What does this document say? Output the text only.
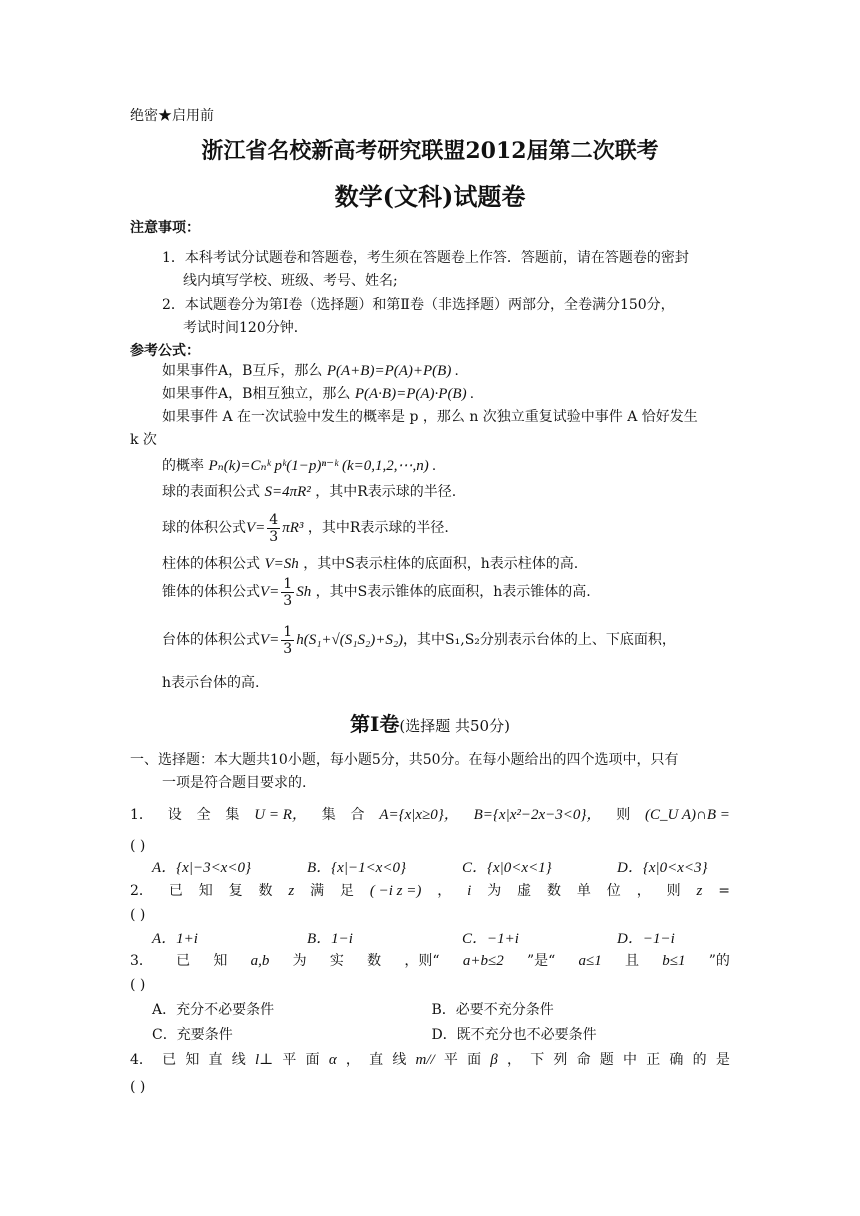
绝密★启用前
浙江省名校新高考研究联盟2012届第二次联考
数学(文科)试题卷
注意事项：
1．本科考试分试题卷和答题卷，考生须在答题卷上作答．答题前，请在答题卷的密封
线内填写学校、班级、考号、姓名;
2．本试题卷分为第Ⅰ卷（选择题）和第Ⅱ卷（非选择题）两部分，全卷满分150分，
考试时间120分钟．
参考公式：
如果事件A，B互斥，那么 P(A+B)=P(A)+P(B) .
如果事件A，B相互独立，那么 P(A·B)=P(A)·P(B) .
如果事件 A 在一次试验中发生的概率是 p ，那么 n 次独立重复试验中事件 A 恰好发生
k 次
的概率 Pₙ(k)=Cₙᵏ pᵏ(1−p)ⁿ⁻ᵏ (k=0,1,2,⋯,n) .
球的表面积公式 S=4πR² ，其中R表示球的半径.
球的体积公式$V= \frac{4}{3} \pi R^3$ ，其中R表示球的半径.
柱体的体积公式 V=Sh ，其中S表示柱体的底面积，h表示柱体的高.
锥体的体积公式$V= \frac{1}{3}$ Sh ，其中S表示锥体的底面积，h表示锥体的高.
台体的体积公式$V= \frac{1}{3} h(S_1+√(S_1S_2)+S_2)$，其中S₁,S₂分别表示台体的上、下底面积，
h表示台体的高.
第Ⅰ卷(选择题 共50分)
一、选择题：本大题共10小题，每小题5分，共50分。在每小题给出的四个选项中，只有
一项是符合题目要求的.
1． 设 全 集 U = R， 集 合 A={x|x≥0}， B={x|x²−2x−3<0}， 则 (C_U A)∩B =
( )
A．{x|−3<x<0}	B．{x|−1<x<0}	C．{x|0<x<1}	D．{x|0<x<3}
2． 已 知 复 数 z 满 足 ( −i z =) ， i 为 虚 数 单 位 ， 则 z =
( )
A．1+i	B．1−i	C．−1+i	D．−1−i
3． 已 知 a,b 为 实 数 ，则“ a+b≤2 ”是“ a≤1 且 b≤1 ”的
( )
A．充分不必要条件	B．必要不充分条件
C．充要条件	D．既不充分也不必要条件
4． 已 知 直 线 l⊥ 平 面 α ， 直 线 m// 平 面 β ， 下 列 命 题 中 正 确 的 是
( )
